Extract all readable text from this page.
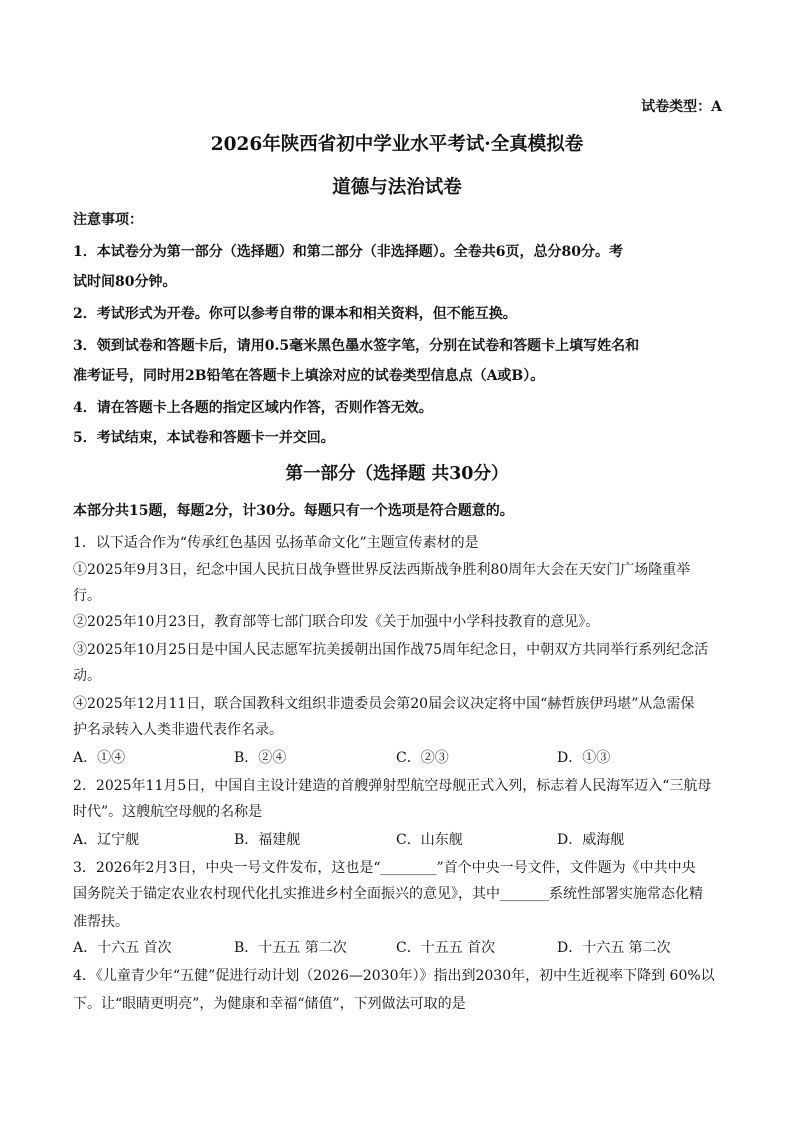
试卷类型：A
2026年陕西省初中学业水平考试·全真模拟卷
道德与法治试卷
注意事项：
1．本试卷分为第一部分（选择题）和第二部分（非选择题）。全卷共6页，总分80分。考
试时间80分钟。
2．考试形式为开卷。你可以参考自带的课本和相关资料，但不能互换。
3．领到试卷和答题卡后，请用0.5毫米黑色墨水签字笔，分别在试卷和答题卡上填写姓名和
准考证号，同时用2B铅笔在答题卡上填涂对应的试卷类型信息点（A或B）。
4．请在答题卡上各题的指定区域内作答，否则作答无效。
5．考试结束，本试卷和答题卡一并交回。
第一部分（选择题 共30分）
本部分共15题，每题2分，计30分。每题只有一个选项是符合题意的。
1．以下适合作为“传承红色基因 弘扬革命文化”主题宣传素材的是
①2025年9月3日，纪念中国人民抗日战争暨世界反法西斯战争胜利80周年大会在天安门广场隆重举
行。
②2025年10月23日，教育部等七部门联合印发《关于加强中小学科技教育的意见》。
③2025年10月25日是中国人民志愿军抗美援朝出国作战75周年纪念日，中朝双方共同举行系列纪念活
动。
④2025年12月11日，联合国教科文组织非遗委员会第20届会议决定将中国“赫哲族伊玛堪”从急需保
护名录转入人类非遗代表作名录。
A．①④	B．②④	C．②③	D．①③
2．2025年11月5日，中国自主设计建造的首艘弹射型航空母舰正式入列，标志着人民海军迈入“三航母
时代”。这艘航空母舰的名称是
A．辽宁舰	B．福建舰	C．山东舰	D．威海舰
3．2026年2月3日，中央一号文件发布，这也是“________”首个中央一号文件，文件题为《中共中央
国务院关于锚定农业农村现代化扎实推进乡村全面振兴的意见》，其中_______系统性部署实施常态化精
准帮扶。
A．十六五 首次	B．十五五 第二次	C．十五五 首次	D．十六五 第二次
4．《儿童青少年“五健”促进行动计划（2026—2030年）》指出到2030年，初中生近视率下降到 60%以
下。让“眼睛更明亮”，为健康和幸福“储值”，下列做法可取的是
